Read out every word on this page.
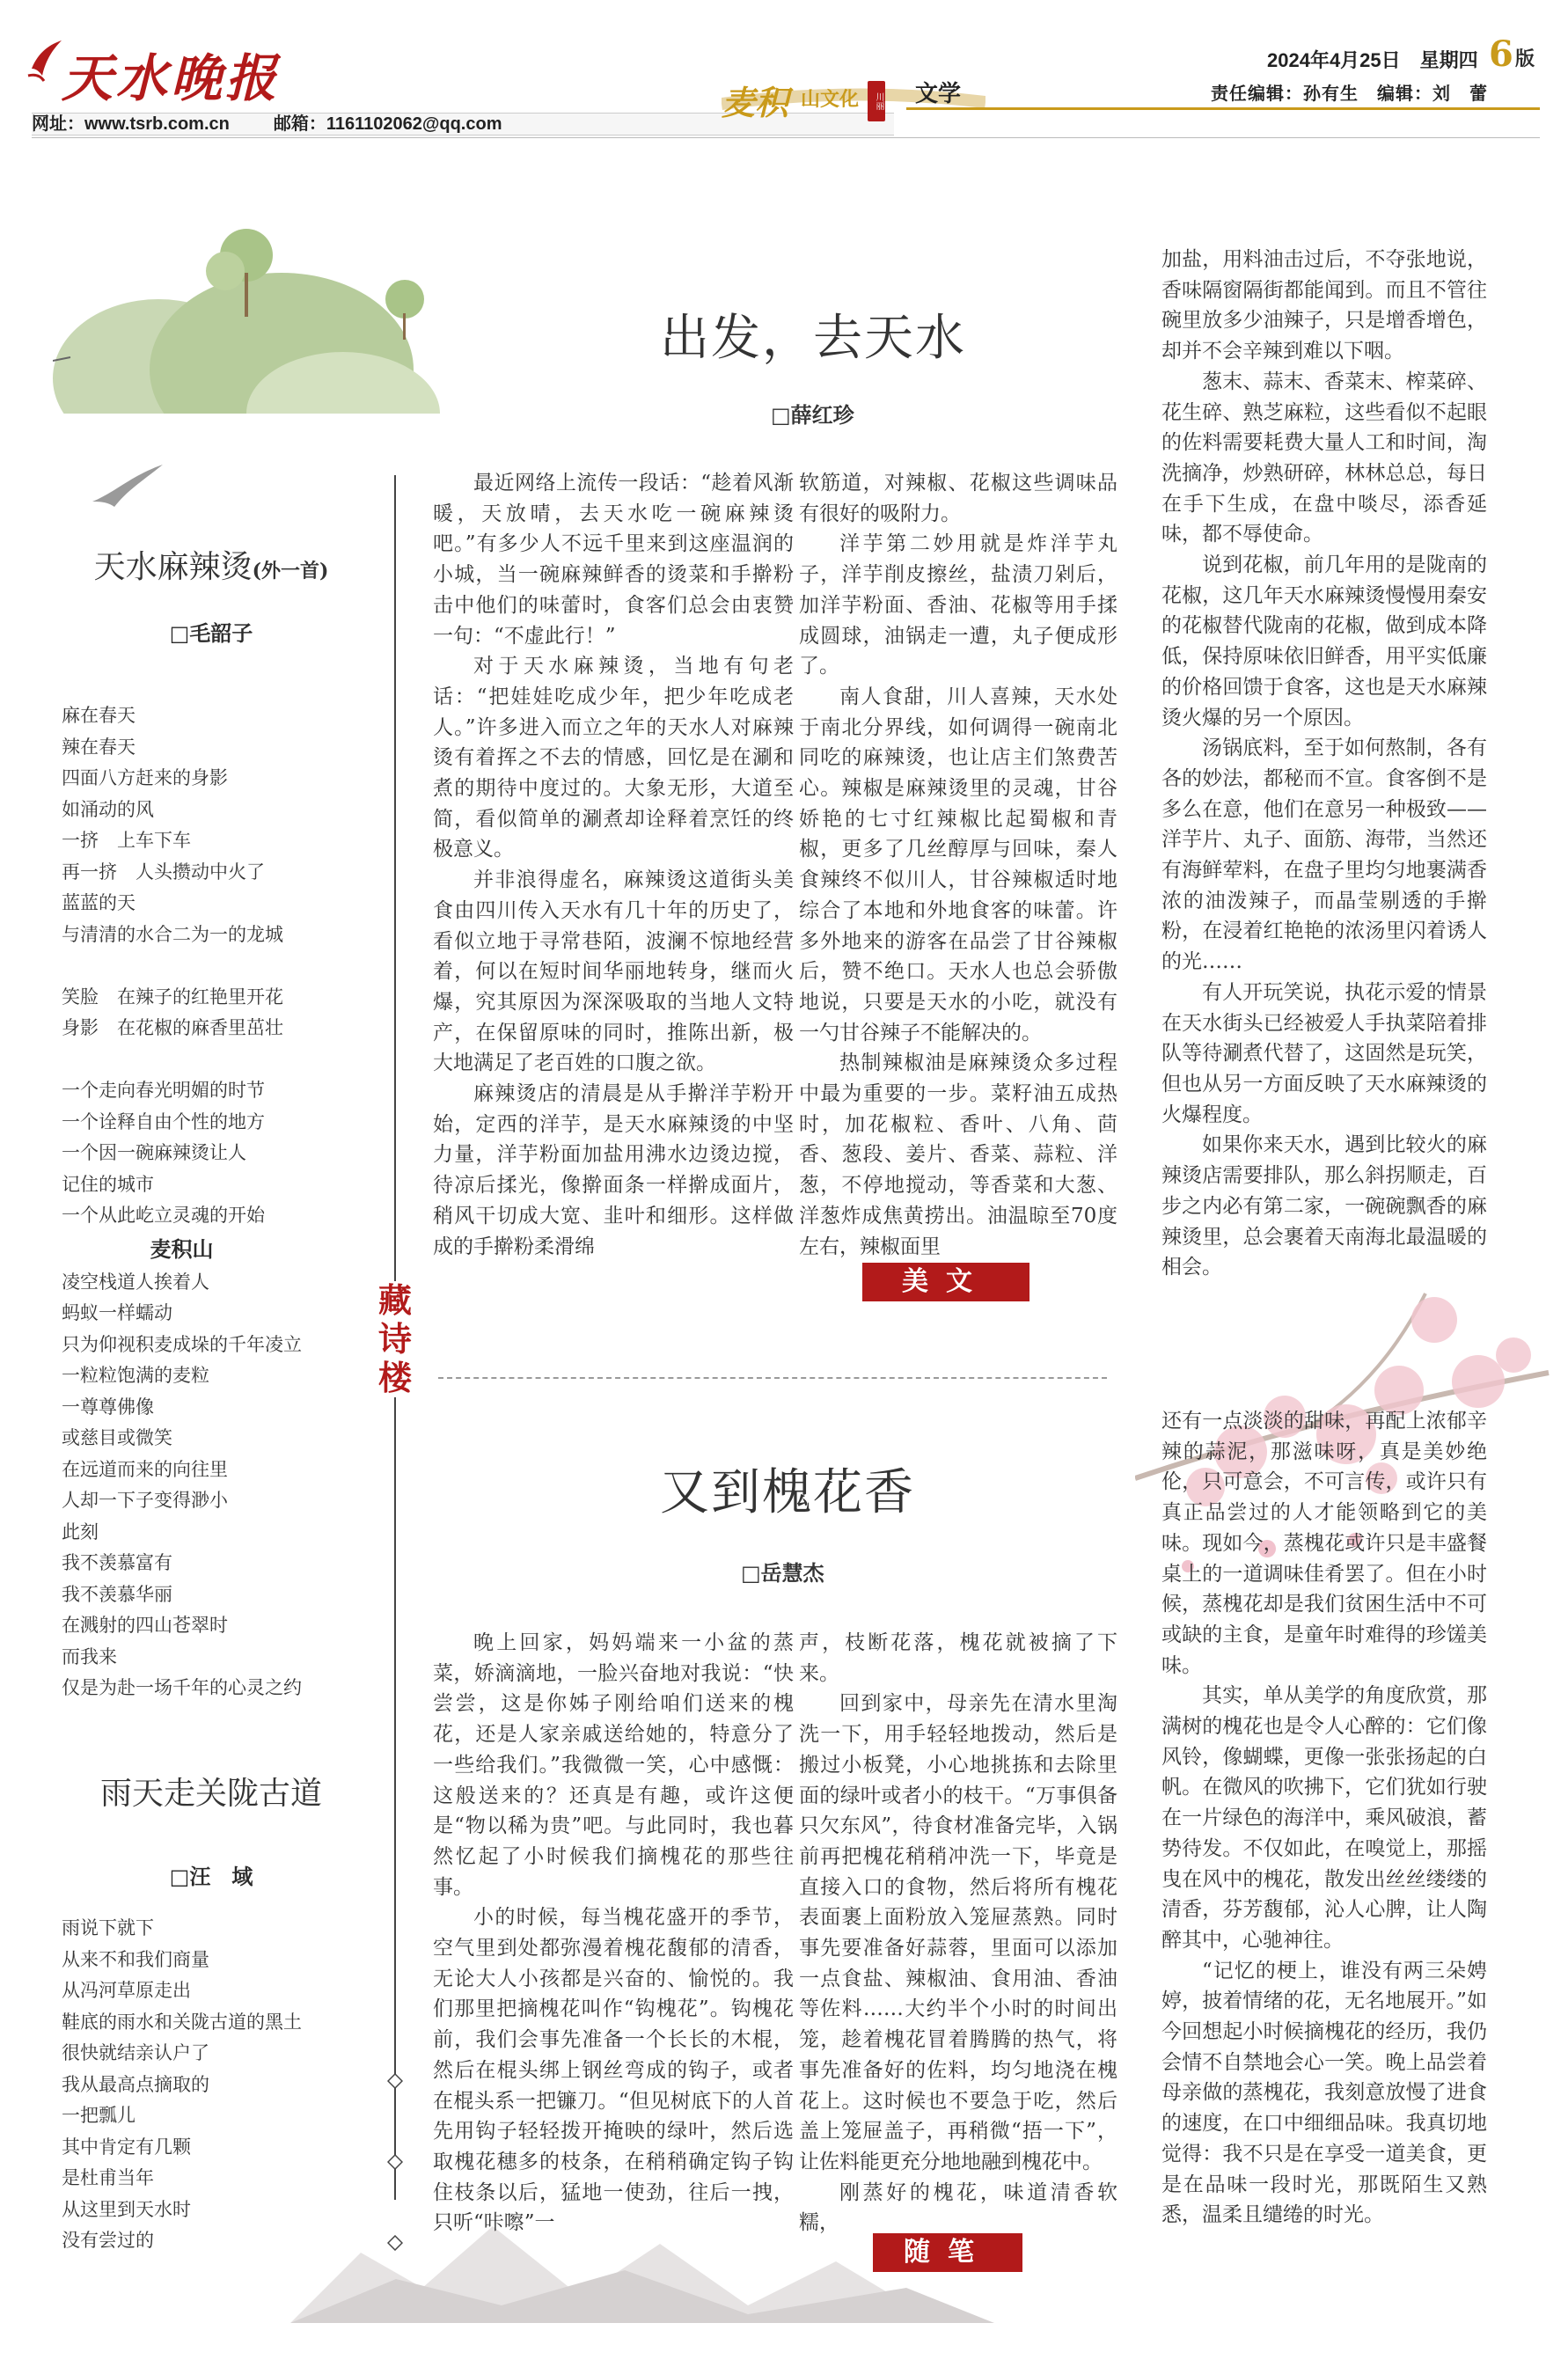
天水晚报
网址：www.tsrb.com.cn	邮箱：1161102062@qq.com
麦积 山文化	川丽 文学
2024年4月25日　星期四 6 版
责任编辑：孙有生　编辑：刘　蕾
天水麻辣烫(外一首)
□毛韶子
麻在春天
辣在春天
四面八方赶来的身影
如涌动的风
一挤　上车下车
再一挤　人头攒动中火了
蓝蓝的天
与清清的水合二为一的龙城
笑脸　在辣子的红艳里开花
身影　在花椒的麻香里茁壮
一个走向春光明媚的时节
一个诠释自由个性的地方
一个因一碗麻辣烫让人
记住的城市
一个从此屹立灵魂的开始
麦积山
凌空栈道人挨着人
蚂蚁一样蠕动
只为仰视积麦成垛的千年凌立
一粒粒饱满的麦粒
一尊尊佛像
或慈目或微笑
在远道而来的向往里
人却一下子变得渺小
此刻
我不羡慕富有
我不羡慕华丽
在溅射的四山苍翠时
而我来
仅是为赴一场千年的心灵之约
雨天走关陇古道
□汪　域
雨说下就下
从来不和我们商量
从冯河草原走出
鞋底的雨水和关陇古道的黑土
很快就结亲认户了
我从最高点摘取的
一把瓢儿
其中肯定有几颗
是杜甫当年
从这里到天水时
没有尝过的
藏
诗
楼
出发，去天水
□薛红珍

最近网络上流传一段话：“趁着风渐暖，天放晴，去天水吃一碗麻辣烫吧。”有多少人不远千里来到这座温润的小城，当一碗麻辣鲜香的烫菜和手擀粉击中他们的味蕾时，食客们总会由衷赞一句：“不虚此行！”

对于天水麻辣烫，当地有句老话：“把娃娃吃成少年，把少年吃成老人。”许多进入而立之年的天水人对麻辣烫有着挥之不去的情感，回忆是在涮和煮的期待中度过的。大象无形，大道至简，看似简单的涮煮却诠释着烹饪的终极意义。

并非浪得虚名，麻辣烫这道街头美食由四川传入天水有几十年的历史了，看似立地于寻常巷陌，波澜不惊地经营着，何以在短时间华丽地转身，继而火爆，究其原因为深深吸取的当地人文特产，在保留原味的同时，推陈出新，极大地满足了老百姓的口腹之欲。

麻辣烫店的清晨是从手擀洋芋粉开始，定西的洋芋，是天水麻辣烫的中坚力量，洋芋粉面加盐用沸水边烫边搅，待凉后揉光，像擀面条一样擀成面片，稍风干切成大宽、韭叶和细形。这样做成的手擀粉柔滑绵

软筋道，对辣椒、花椒这些调味品有很好的吸附力。

洋芋第二妙用就是炸洋芋丸子，洋芋削皮擦丝，盐渍刀剁后，加洋芋粉面、香油、花椒等用手揉成圆球，油锅走一遭，丸子便成形了。

南人食甜，川人喜辣，天水处于南北分界线，如何调得一碗南北同吃的麻辣烫，也让店主们煞费苦心。辣椒是麻辣烫里的灵魂，甘谷娇艳的七寸红辣椒比起蜀椒和青椒，更多了几丝醇厚与回味，秦人食辣终不似川人，甘谷辣椒适时地综合了本地和外地食客的味蕾。许多外地来的游客在品尝了甘谷辣椒后，赞不绝口。天水人也总会骄傲地说，只要是天水的小吃，就没有一勺甘谷辣子不能解决的。

热制辣椒油是麻辣烫众多过程中最为重要的一步。菜籽油五成热时，加花椒粒、香叶、八角、茴香、葱段、姜片、香菜、蒜粒、洋葱，不停地搅动，等香菜和大葱、洋葱炸成焦黄捞出。油温晾至70度左右，辣椒面里

加盐，用料油击过后，不夺张地说，香味隔窗隔街都能闻到。而且不管往碗里放多少油辣子，只是增香增色，却并不会辛辣到难以下咽。

葱末、蒜末、香菜末、榨菜碎、花生碎、熟芝麻粒，这些看似不起眼的佐料需要耗费大量人工和时间，淘洗摘净，炒熟研碎，林林总总，每日在手下生成，在盘中啖尽，添香延味，都不辱使命。

说到花椒，前几年用的是陇南的花椒，这几年天水麻辣烫慢慢用秦安的花椒替代陇南的花椒，做到成本降低，保持原味依旧鲜香，用平实低廉的价格回馈于食客，这也是天水麻辣烫火爆的另一个原因。

汤锅底料，至于如何熬制，各有各的妙法，都秘而不宣。食客倒不是多么在意，他们在意另一种极致——洋芋片、丸子、面筋、海带，当然还有海鲜荤料，在盘子里均匀地裹满香浓的油泼辣子，而晶莹剔透的手擀粉，在浸着红艳艳的浓汤里闪着诱人的光……

有人开玩笑说，执花示爱的情景在天水街头已经被爱人手执菜陪着排队等待涮煮代替了，这固然是玩笑，但也从另一方面反映了天水麻辣烫的火爆程度。

如果你来天水，遇到比较火的麻辣烫店需要排队，那么斜拐顺走，百步之内必有第二家，一碗碗飘香的麻辣烫里，总会裹着天南海北最温暖的相会。

美文
又到槐花香
□岳慧杰

晚上回家，妈妈端来一小盆的蒸菜，娇滴滴地，一脸兴奋地对我说：“快尝尝，这是你姊子刚给咱们送来的槐花，还是人家亲戚送给她的，特意分了一些给我们。”我微微一笑，心中感慨：这般送来的？还真是有趣，或许这便是“物以稀为贵”吧。与此同时，我也暮然忆起了小时候我们摘槐花的那些往事。

小的时候，每当槐花盛开的季节，空气里到处都弥漫着槐花馥郁的清香，无论大人小孩都是兴奋的、愉悦的。我们那里把摘槐花叫作“钩槐花”。钩槐花前，我们会事先准备一个长长的木棍，然后在棍头绑上钢丝弯成的钩子，或者在棍头系一把镰刀。“但见树底下的人首先用钩子轻轻拨开掩映的绿叶，然后选取槐花穗多的枝条，在稍稍确定钩子钩住枝条以后，猛地一使劲，往后一拽，只听“咔嚓”一

声，枝断花落，槐花就被摘了下来。

回到家中，母亲先在清水里淘洗一下，用手轻轻地拨动，然后是搬过小板凳，小心地挑拣和去除里面的绿叶或者小的枝干。“万事俱备只欠东风”，待食材准备完毕，入锅前再把槐花稍稍冲洗一下，毕竟是直接入口的食物，然后将所有槐花表面裹上面粉放入笼屉蒸熟。同时事先要准备好蒜蓉，里面可以添加一点食盐、辣椒油、食用油、香油等佐料……大约半个小时的时间出笼，趁着槐花冒着腾腾的热气，将事先准备好的佐料，均匀地浇在槐花上。这时候也不要急于吃，然后盖上笼屉盖子，再稍微“捂一下”，让佐料能更充分地地融到槐花中。

刚蒸好的槐花，味道清香软糯，

还有一点淡淡的甜味，再配上浓郁辛辣的蒜泥，那滋味呀，真是美妙绝伦，只可意会，不可言传，或许只有真正品尝过的人才能领略到它的美味。现如今，蒸槐花或许只是丰盛餐桌上的一道调味佳肴罢了。但在小时候，蒸槐花却是我们贫困生活中不可或缺的主食，是童年时难得的珍馐美味。

其实，单从美学的角度欣赏，那满树的槐花也是令人心醉的：它们像风铃，像蝴蝶，更像一张张扬起的白帆。在微风的吹拂下，它们犹如行驶在一片绿色的海洋中，乘风破浪，蓄势待发。不仅如此，在嗅觉上，那摇曳在风中的槐花，散发出丝丝缕缕的清香，芬芳馥郁，沁人心脾，让人陶醉其中，心驰神往。

“记忆的梗上，谁没有两三朵娉婷，披着情绪的花，无名地展开。”如今回想起小时候摘槐花的经历，我仍会情不自禁地会心一笑。晚上品尝着母亲做的蒸槐花，我刻意放慢了进食的速度，在口中细细品味。我真切地觉得：我不只是在享受一道美食，更是在品味一段时光，那既陌生又熟悉，温柔且缱绻的时光。

随笔
